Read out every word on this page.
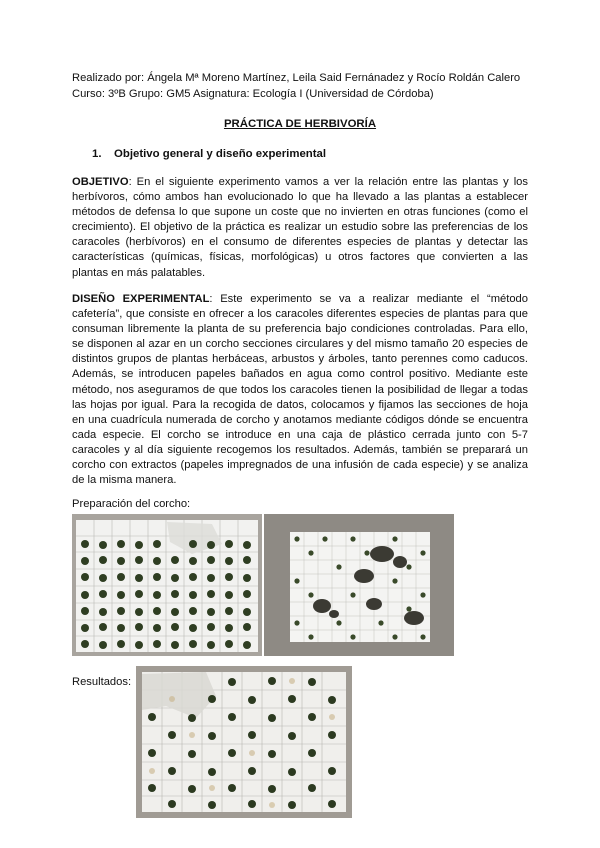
Realizado por: Ángela Mª Moreno Martínez, Leila Said Fernánadez y Rocío Roldán Calero
Curso: 3ºB Grupo: GM5 Asignatura: Ecología I (Universidad de Córdoba)
PRÁCTICA DE HERBIVORÍA
1. Objetivo general y diseño experimental

OBJETIVO: En el siguiente experimento vamos a ver la relación entre las plantas y los herbívoros, cómo ambos han evolucionado lo que ha llevado a las plantas a establecer métodos de defensa lo que supone un coste que no invierten en otras funciones (como el crecimiento). El objetivo de la práctica es realizar un estudio sobre las preferencias de los caracoles (herbívoros) en el consumo de diferentes especies de plantas y detectar las características (químicas, físicas, morfológicas) u otros factores que convierten a las plantas en más palatables.

DISEÑO EXPERIMENTAL: Este experimento se va a realizar mediante el “método cafetería”, que consiste en ofrecer a los caracoles diferentes especies de plantas para que consuman libremente la planta de su preferencia bajo condiciones controladas. Para ello, se disponen al azar en un corcho secciones circulares y del mismo tamaño 20 especies de distintos grupos de plantas herbáceas, arbustos y árboles, tanto perennes como caducos. Además, se introducen papeles bañados en agua como control positivo. Mediante este método, nos aseguramos de que todos los caracoles tienen la posibilidad de llegar a todas las hojas por igual. Para la recogida de datos, colocamos y fijamos las secciones de hoja en una cuadrícula numerada de corcho y anotamos mediante códigos dónde se encuentra cada especie. El corcho se introduce en una caja de plástico cerrada junto con 5-7 caracoles y al día siguiente recogemos los resultados. Además, también se preparará un corcho con extractos (papeles impregnados de una infusión de cada especie) y se analiza de la misma manera.

Preparación del corcho:
Resultados:
